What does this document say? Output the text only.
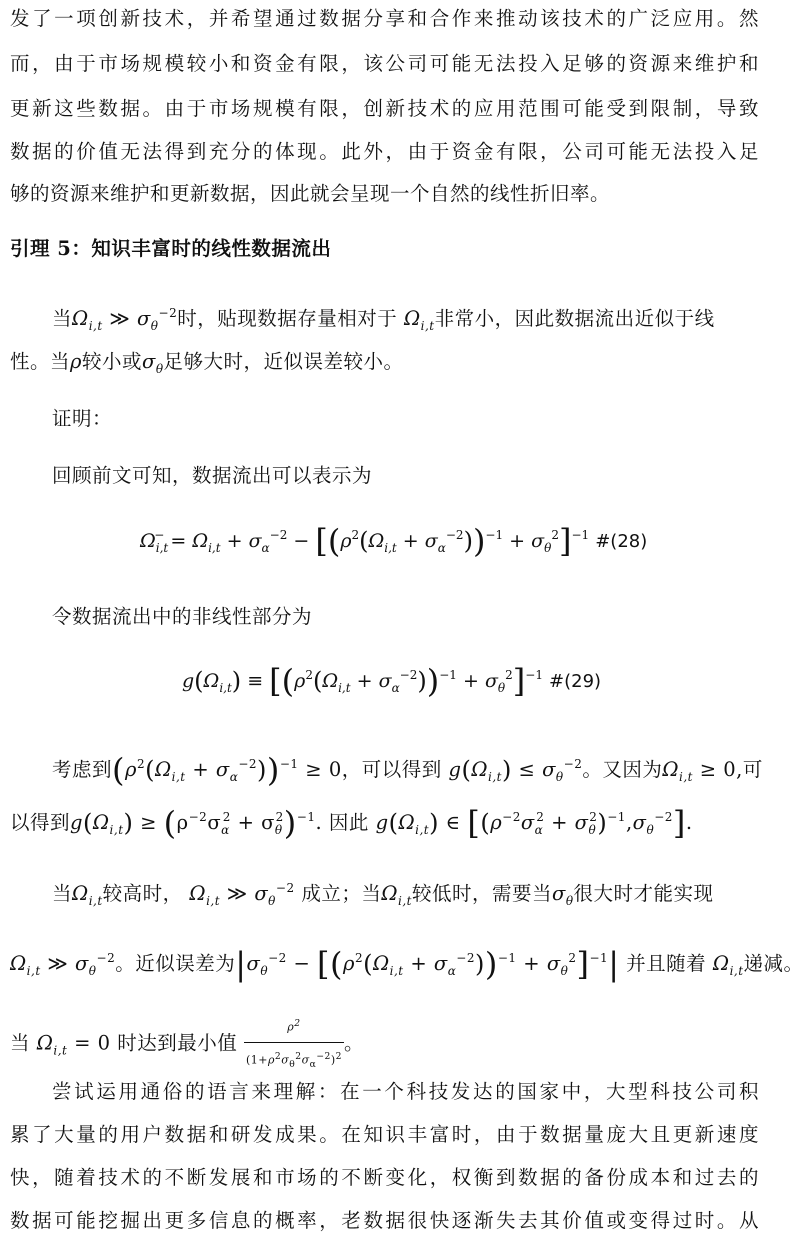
发了一项创新技术，并希望通过数据分享和合作来推动该技术的广泛应用。然
而，由于市场规模较小和资金有限，该公司可能无法投入足够的资源来维护和
更新这些数据。由于市场规模有限，创新技术的应用范围可能受到限制，导致
数据的价值无法得到充分的体现。此外，由于资金有限，公司可能无法投入足
够的资源来维护和更新数据，因此就会呈现一个自然的线性折旧率。
引理 5：知识丰富时的线性数据流出
当$\Omega_{i,t}$ ≫ $\sigma_\theta^{-2}$时，贴现数据存量相对于 $\Omega_{i,t}$非常小，因此数据流出近似于线
性。当ρ较小或$\sigma_\theta$足够大时，近似误差较小。
证明：
回顾前文可知，数据流出可以表示为
$\Omega_{i,t}^- = \Omega_{i,t} + \sigma_\alpha^{-2} - [(\rho^2(\Omega_{i,t} + \sigma_\alpha^{-2}))^{-1} + \sigma_\theta^2]^{-1}$ #(28)
令数据流出中的非线性部分为
$g(\Omega_{i,t}) \equiv [(\rho^2(\Omega_{i,t} + \sigma_\alpha^{-2}))^{-1} + \sigma_\theta^2]^{-1}$ #(29)
考虑到$(\rho^2(\Omega_{i,t} + \sigma_\alpha^{-2}))^{-1} \ge 0$，可以得到 $g(\Omega_{i,t}) \le \sigma_\theta^{-2}$。又因为$\Omega_{i,t} \ge 0$,可
以得到$g(\Omega_{i,t}) \ge (\rho^{-2}\sigma_\alpha^2 + \sigma_\theta^2)^{-1}$. 因此 $g(\Omega_{i,t})$ ∈ $[(\rho^{-2}\sigma_\alpha^2 + \sigma_\theta^2)^{-1},\sigma_\theta^{-2}]$.
当$\Omega_{i,t}$较高时， $\Omega_{i,t}$ ≫ $\sigma_\theta^{-2}$ 成立；当$\Omega_{i,t}$较低时，需要当$\sigma_\theta$很大时才能实现
$\Omega_{i,t}$ ≫ $\sigma_\theta^{-2}$。近似误差为$|\sigma_\theta^{-2} - [(\rho^2(\Omega_{i,t} + \sigma_\alpha^{-2}))^{-1} + \sigma_\theta^2]^{-1}|$ 并且随着 $\Omega_{i,t}$递减。
当 $\Omega_{i,t} = 0$ 时达到最小值 $\frac{\rho^2}{(1+\rho^2\sigma_\theta^2\sigma_\alpha^{-2})^2}$ 。
尝试运用通俗的语言来理解：在一个科技发达的国家中，大型科技公司积
累了大量的用户数据和研发成果。在知识丰富时，由于数据量庞大且更新速度
快，随着技术的不断发展和市场的不断变化，权衡到数据的备份成本和过去的
数据可能挖掘出更多信息的概率，老数据很快逐渐失去其价值或变得过时。从
